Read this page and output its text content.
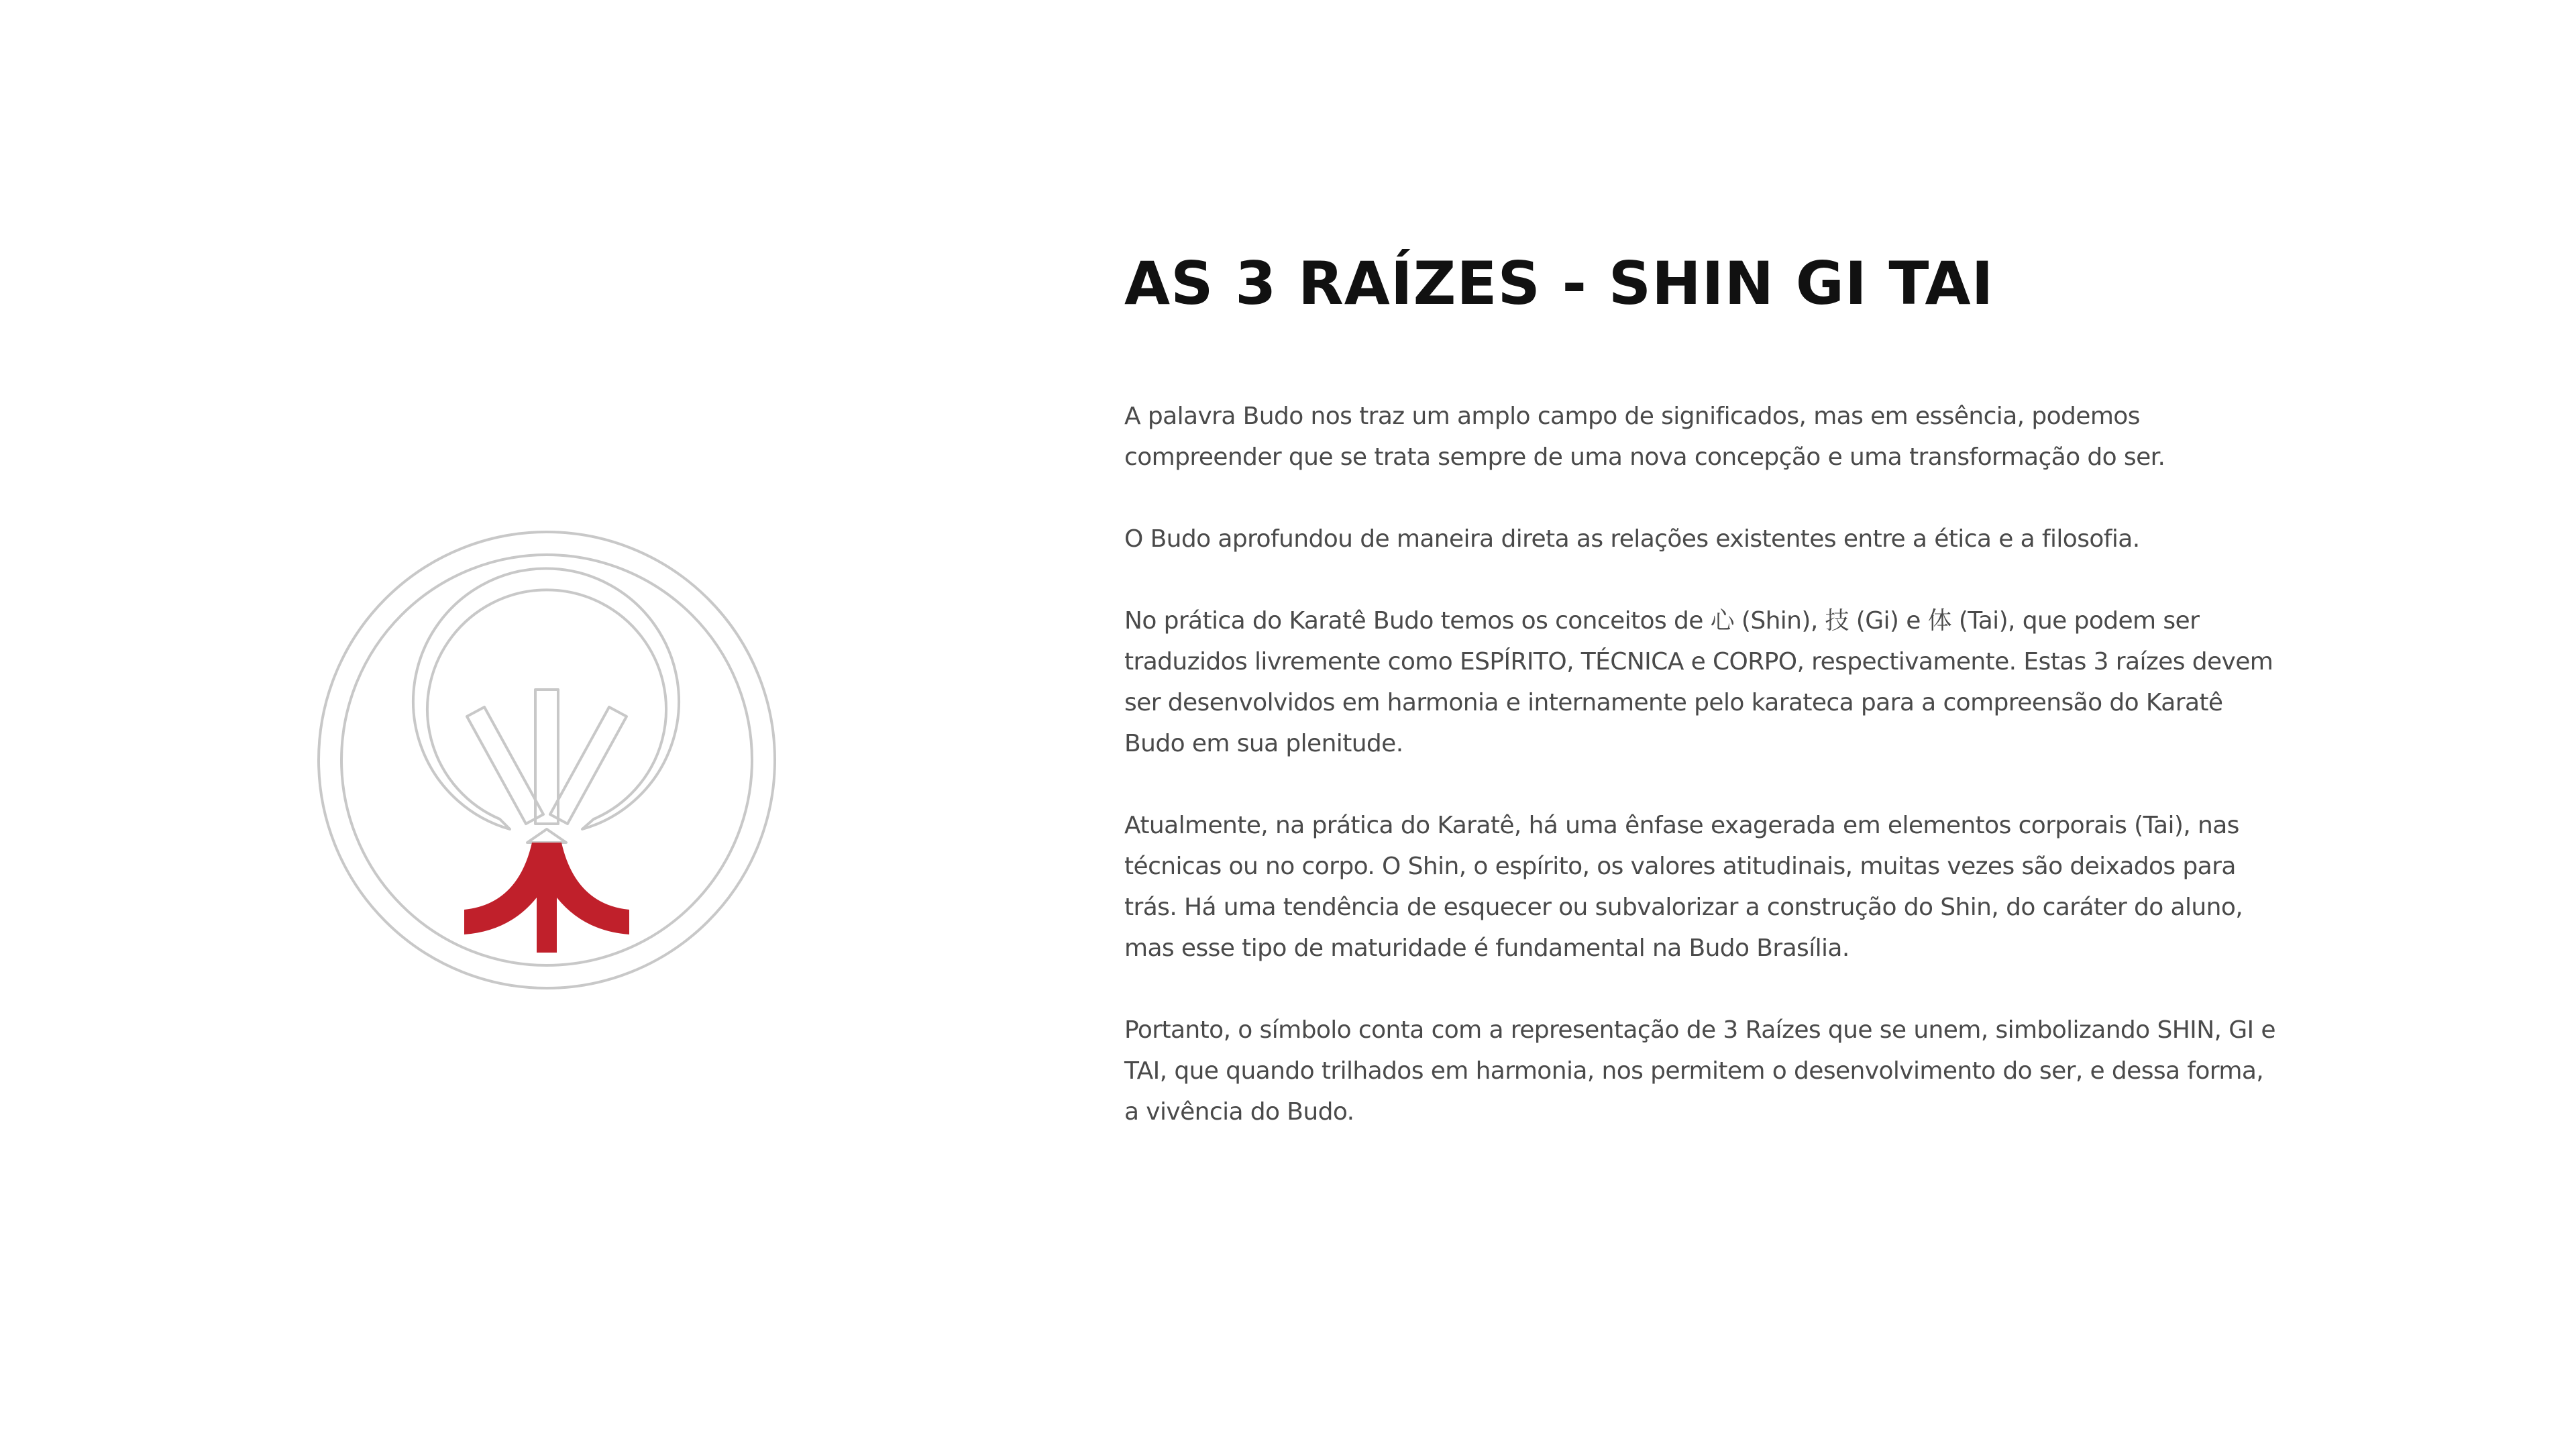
AS 3 RAÍZES - SHIN GI TAI

A palavra Budo nos traz um amplo campo de significados, mas em essência, podemos compreender que se trata sempre de uma nova concepção e uma transformação do ser.

O Budo aprofundou de maneira direta as relações existentes entre a ética e a filosofia.

No prática do Karatê Budo temos os conceitos de 心 (Shin), 技 (Gi) e 体 (Tai), que podem ser traduzidos livremente como ESPÍRITO, TÉCNICA e CORPO, respectivamente. Estas 3 raízes devem ser desenvolvidos em harmonia e internamente pelo karateca para a compreensão do Karatê Budo em sua plenitude.

Atualmente, na prática do Karatê, há uma ênfase exagerada em elementos corporais (Tai), nas técnicas ou no corpo. O Shin, o espírito, os valores atitudinais, muitas vezes são deixados para trás. Há uma tendência de esquecer ou subvalorizar a construção do Shin, do caráter do aluno, mas esse tipo de maturidade é fundamental na Budo Brasília.

Portanto, o símbolo conta com a representação de 3 Raízes que se unem, simbolizando SHIN, GI e TAI, que quando trilhados em harmonia, nos permitem o desenvolvimento do ser, e dessa forma, a vivência do Budo.
